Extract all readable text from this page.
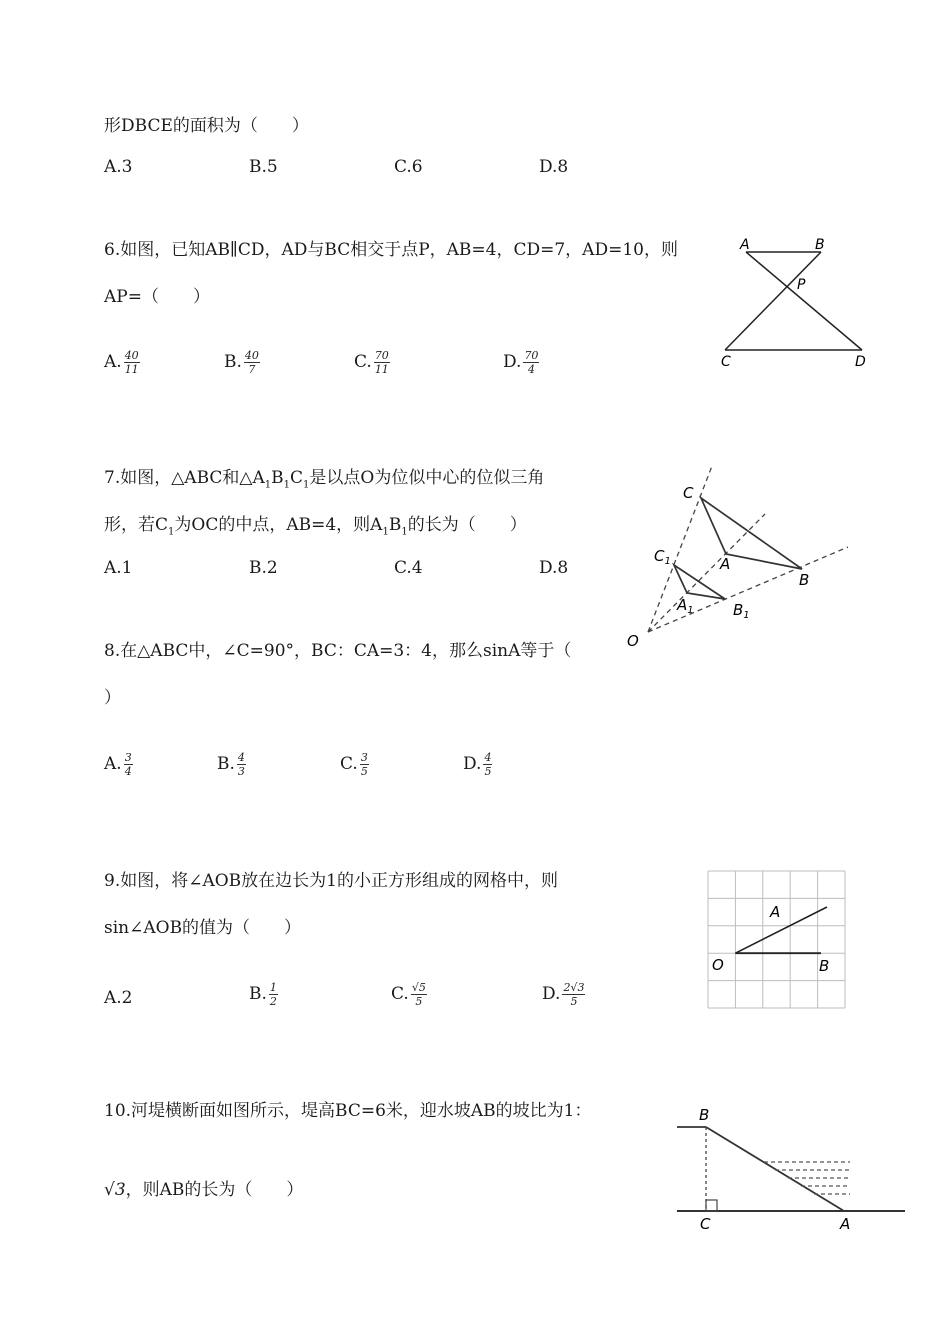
形DBCE的面积为（　　）
A.3	B.5	C.6	D.8
6.如图，已知AB∥CD，AD与BC相交于点P，AB=4，CD=7，AD=10，则
AP=（　　）
A. $\frac{40}{11}$	B. $\frac{40}{7}$	C. $\frac{70}{11}$	D. $\frac{70}{4}$
A	B
P
C	D
7.如图，△ABC和$\triangle A_1B_1C_1$是以点O为位似中心的位似三角
形，若$C_1$为OC的中点，AB=4，则$A_1B_1$的长为（　　）
A.1	B.2	C.4	D.8
C
A
B
$C_1$
$A_1$	$B_1$
O
8.在△ABC中，∠C=90°，BC：CA=3：4，那么sinA等于（
）
A. $\frac{3}{4}$	B. $\frac{4}{3}$	C. $\frac{3}{5}$	D. $\frac{4}{5}$
9.如图，将∠AOB放在边长为1的小正方形组成的网格中，则
sin∠AOB的值为（　　）
A.2	B. $\frac{1}{2}$	C. $\frac{√5}{5}$	D. $\frac{2√3}{5}$
A
O	B
10.河堤横断面如图所示，堤高BC=6米，迎水坡AB的坡比为1：
√3，则AB的长为（　　）
B
C	A
